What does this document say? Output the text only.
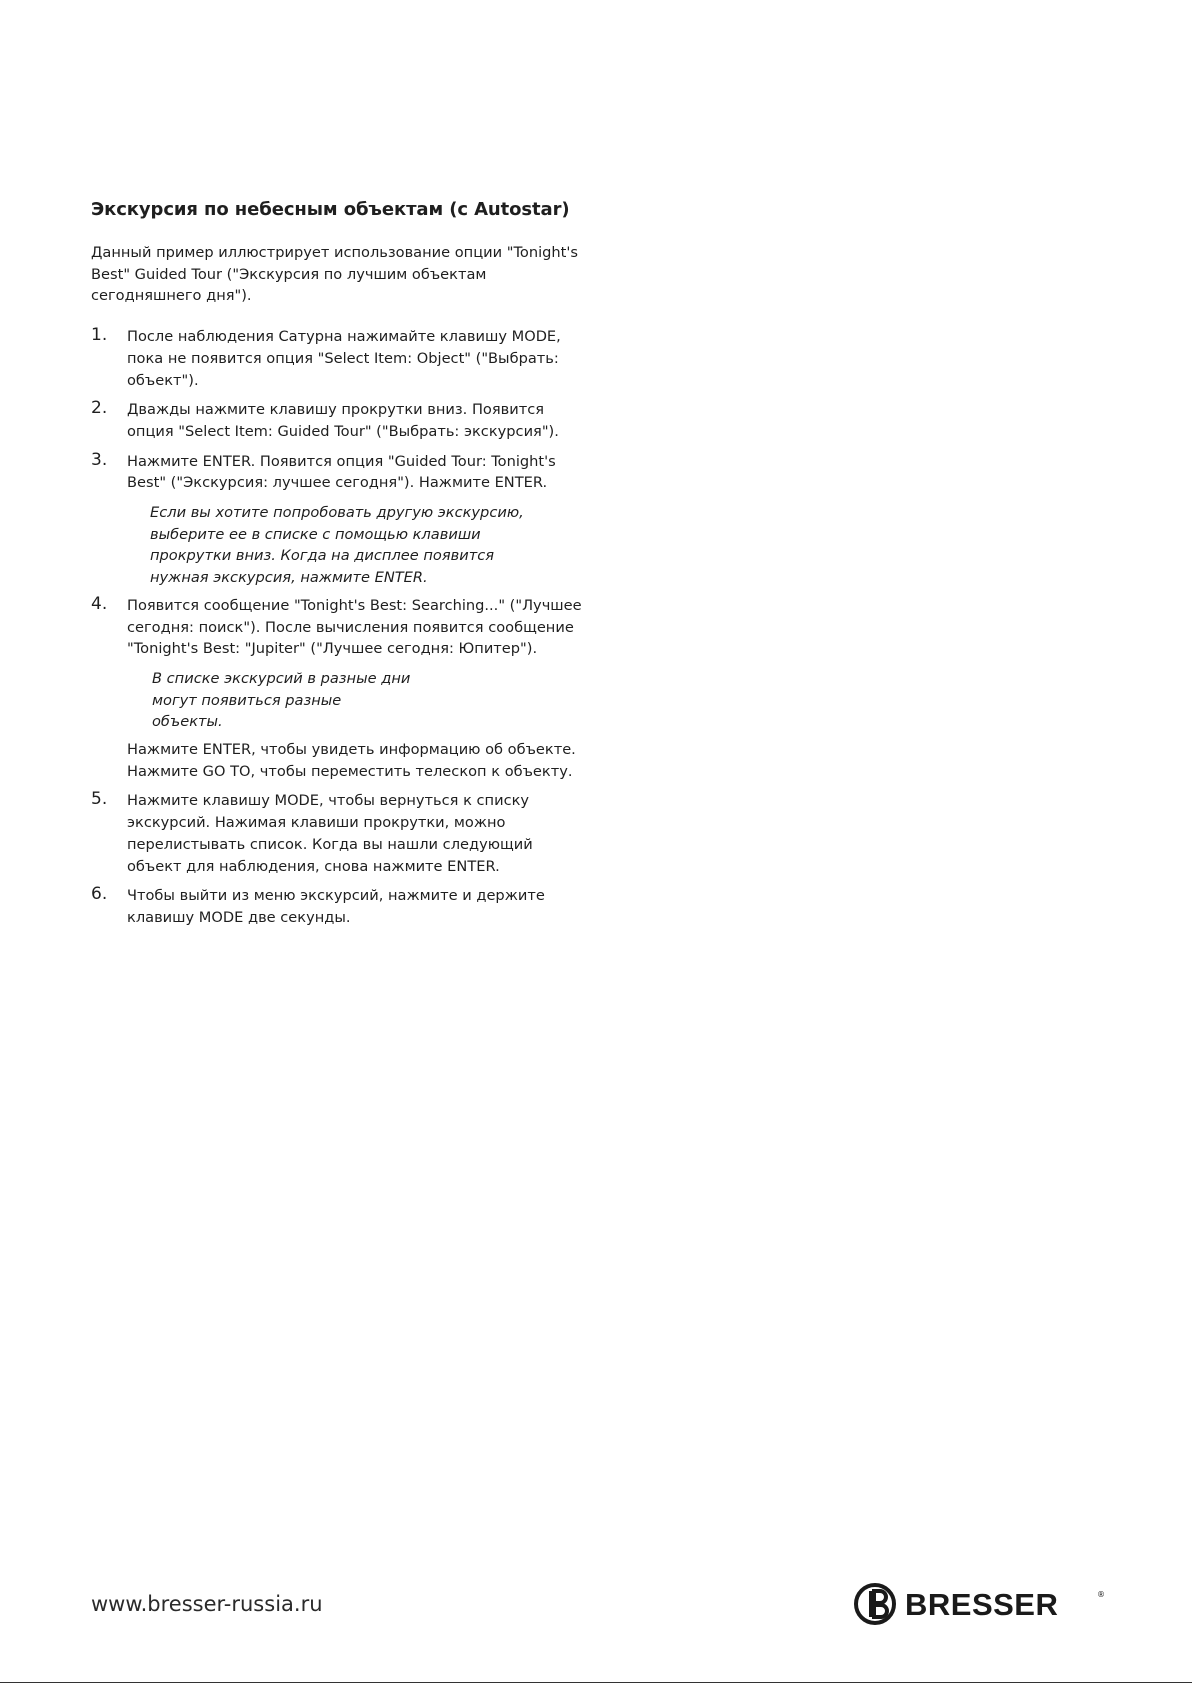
Экскурсия по небесным объектам (с Autostar)

Данный пример иллюстрирует использование опции "Tonight's Best" Guided Tour ("Экскурсия по лучшим объектам сегодняшнего дня").

1. После наблюдения Сатурна нажимайте клавишу MODE, пока не появится опция "Select Item: Object" ("Выбрать: объект").
2. Дважды нажмите клавишу прокрутки вниз. Появится опция "Select Item: Guided Tour" ("Выбрать: экскурсия").
3. Нажмите ENTER. Появится опция "Guided Tour: Tonight's Best" ("Экскурсия: лучшее сегодня"). Нажмите ENTER.
Если вы хотите попробовать другую экскурсию, выберите ее в списке с помощью клавиши прокрутки вниз. Когда на дисплее появится нужная экскурсия, нажмите ENTER.
4. Появится сообщение "Tonight's Best: Searching..." ("Лучшее сегодня: поиск"). После вычисления появится сообщение "Tonight's Best: "Jupiter" ("Лучшее сегодня: Юпитер").
В списке экскурсий в разные дни могут появиться разные объекты.
Нажмите ENTER, чтобы увидеть информацию об объекте. Нажмите GO TO, чтобы переместить телескоп к объекту.
5. Нажмите клавишу MODE, чтобы вернуться к списку экскурсий. Нажимая клавиши прокрутки, можно перелистывать список. Когда вы нашли следующий объект для наблюдения, снова нажмите ENTER.
6. Чтобы выйти из меню экскурсий, нажмите и держите клавишу MODE две секунды.
www.bresser-russia.ru	BRESSER	®
